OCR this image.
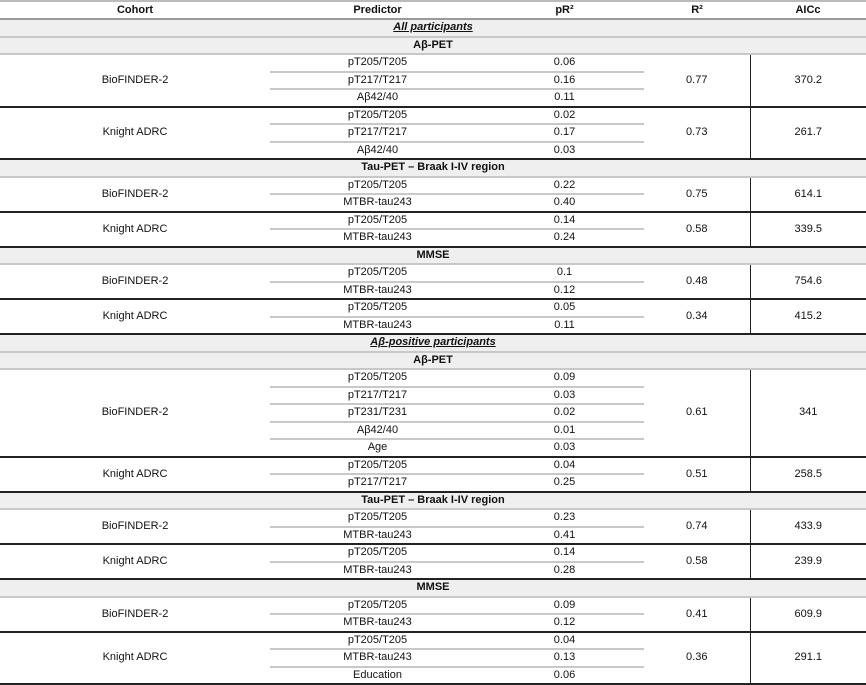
Cohort	Predictor	pR²	R²	AICc
All participants				
Aβ-PET				
BioFINDER-2	pT205/T205	0.06	0.77	370.2
	pT217/T217	0.16		
	Aβ42/40	0.11		
Knight ADRC	pT205/T205	0.02	0.73	261.7
	pT217/T217	0.17		
	Aβ42/40	0.03		
Tau-PET – Braak I-IV region				
BioFINDER-2	pT205/T205	0.22	0.75	614.1
	MTBR-tau243	0.40		
Knight ADRC	pT205/T205	0.14	0.58	339.5
	MTBR-tau243	0.24		
MMSE				
BioFINDER-2	pT205/T205	0.1	0.48	754.6
	MTBR-tau243	0.12		
Knight ADRC	pT205/T205	0.05	0.34	415.2
	MTBR-tau243	0.11		
Aβ-positive participants				
Aβ-PET				
BioFINDER-2	pT205/T205	0.09	0.61	341
	pT217/T217	0.03		
	pT231/T231	0.02		
	Aβ42/40	0.01		
	Age	0.03		
Knight ADRC	pT205/T205	0.04	0.51	258.5
	pT217/T217	0.25		
Tau-PET – Braak I-IV region				
BioFINDER-2	pT205/T205	0.23	0.74	433.9
	MTBR-tau243	0.41		
Knight ADRC	pT205/T205	0.14	0.58	239.9
	MTBR-tau243	0.28		
MMSE				
BioFINDER-2	pT205/T205	0.09	0.41	609.9
	MTBR-tau243	0.12		
Knight ADRC	pT205/T205	0.04	0.36	291.1
	MTBR-tau243	0.13		
	Education	0.06		
